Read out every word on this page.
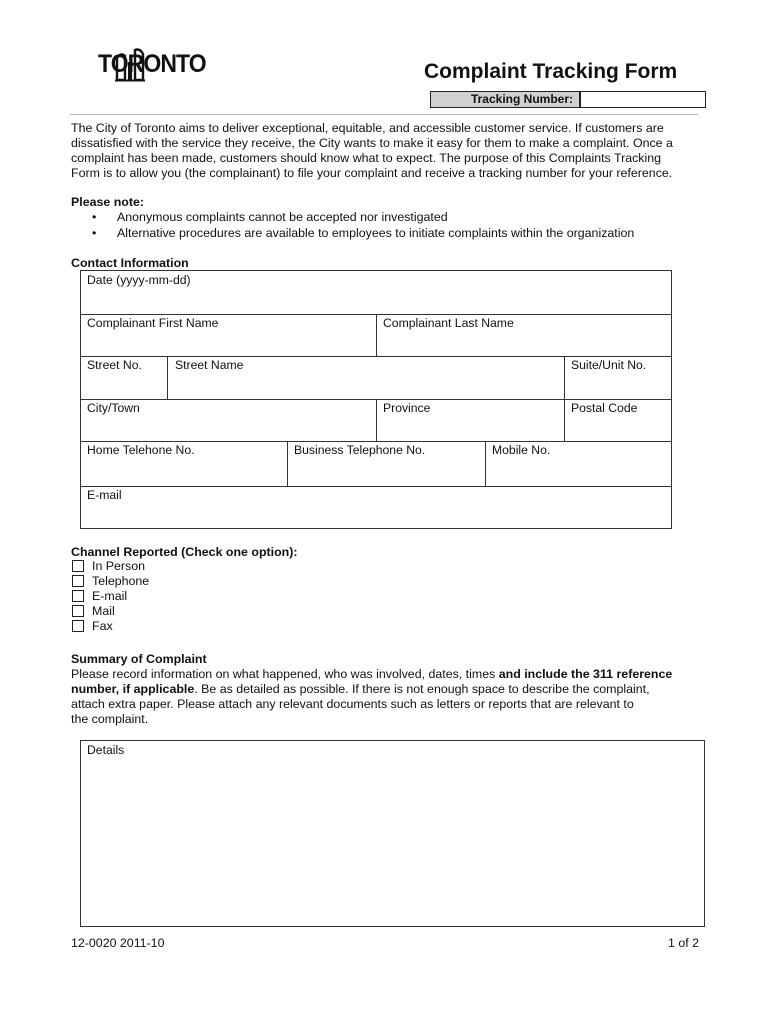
TORONTO	Complaint Tracking Form
Tracking Number:
The City of Toronto aims to deliver exceptional, equitable, and accessible customer service. If customers are
dissatisfied with the service they receive, the City wants to make it easy for them to make a complaint. Once a
complaint has been made, customers should know what to expect. The purpose of this Complaints Tracking
Form is to allow you (the complainant) to file your complaint and receive a tracking number for your reference.
Please note:
• Anonymous complaints cannot be accepted nor investigated
• Alternative procedures are available to employees to initiate complaints within the organization
Contact Information
Date (yyyy-mm-dd)
Complainant First Name	Complainant Last Name
Street No.	Street Name	Suite/Unit No.
City/Town	Province	Postal Code
Home Telehone No.	Business Telephone No.	Mobile No.
E-mail
Channel Reported (Check one option):
In Person
Telephone
E-mail
Mail
Fax
Summary of Complaint
Please record information on what happened, who was involved, dates, times and include the 311 reference
number, if applicable. Be as detailed as possible. If there is not enough space to describe the complaint,
attach extra paper. Please attach any relevant documents such as letters or reports that are relevant to
the complaint.
Details
12-0020 2011-10	1 of 2
